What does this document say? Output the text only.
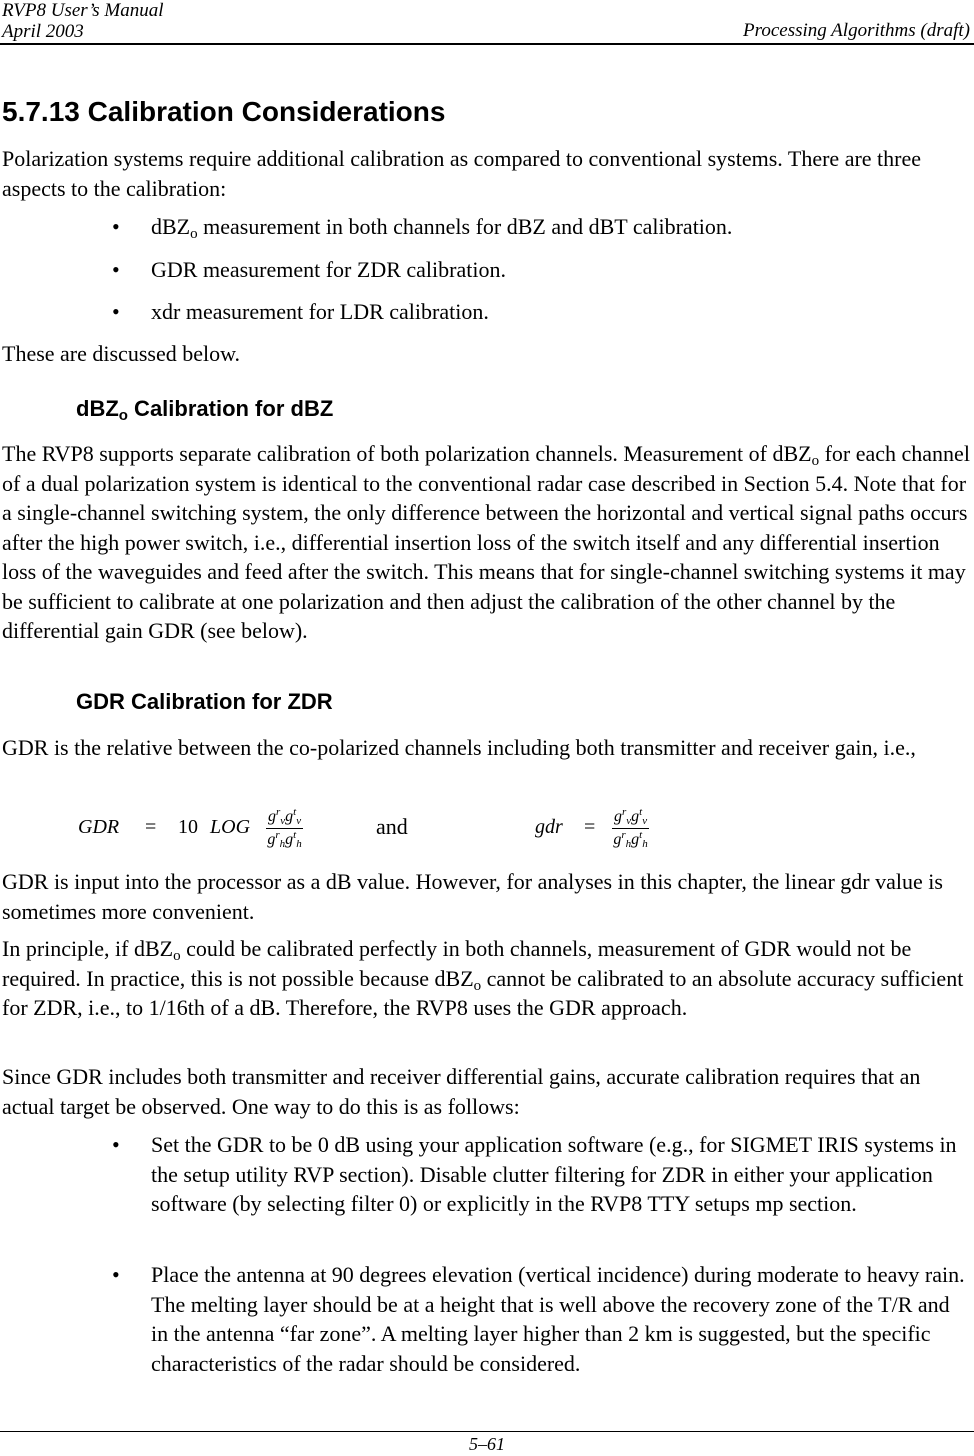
RVP8 User’s Manual
April 2003	Processing Algorithms (draft)
5.7.13 Calibration Considerations

Polarization systems require additional calibration as compared to conventional systems. There are three aspects to the calibration:

• dBZ$_o$ measurement in both channels for dBZ and dBT calibration.
• GDR measurement for ZDR calibration.
• xdr measurement for LDR calibration.

These are discussed below.

dBZ$_o$ Calibration for dBZ

The RVP8 supports separate calibration of both polarization channels. Measurement of dBZ$_o$ for each channel of a dual polarization system is identical to the conventional radar case described in Section 5.4. Note that for a single-channel switching system, the only difference between the horizontal and vertical signal paths occurs after the high power switch, i.e., differential insertion loss of the switch itself and any differential insertion loss of the waveguides and feed after the switch. This means that for single-channel switching systems it may be sufficient to calibrate at one polarization and then adjust the calibration of the other channel by the differential gain GDR (see below).

GDR Calibration for ZDR

GDR is the relative between the co-polarized channels including both transmitter and receiver gain, i.e.,

GDR = 10 LOG $g^r_vg^t_v$
$g^r_hg^t_h$
and	gdr = $g^r_vg^t_v$
$g^r_hg^t_h$

GDR is input into the processor as a dB value. However, for analyses in this chapter, the linear gdr value is sometimes more convenient.

In principle, if dBZ$_o$ could be calibrated perfectly in both channels, measurement of GDR would not be required. In practice, this is not possible because dBZ$_o$ cannot be calibrated to an absolute accuracy sufficient for ZDR, i.e., to 1/16th of a dB. Therefore, the RVP8 uses the GDR approach.

Since GDR includes both transmitter and receiver differential gains, accurate calibration requires that an actual target be observed. One way to do this is as follows:

• Set the GDR to be 0 dB using your application software (e.g., for SIGMET IRIS systems in the setup utility RVP section). Disable clutter filtering for ZDR in either your application software (by selecting filter 0) or explicitly in the RVP8 TTY setups mp section.
• Place the antenna at 90 degrees elevation (vertical incidence) during moderate to heavy rain. The melting layer should be at a height that is well above the recovery zone of the T/R and in the antenna “far zone”. A melting layer higher than 2 km is suggested, but the specific characteristics of the radar should be considered.
5–61
